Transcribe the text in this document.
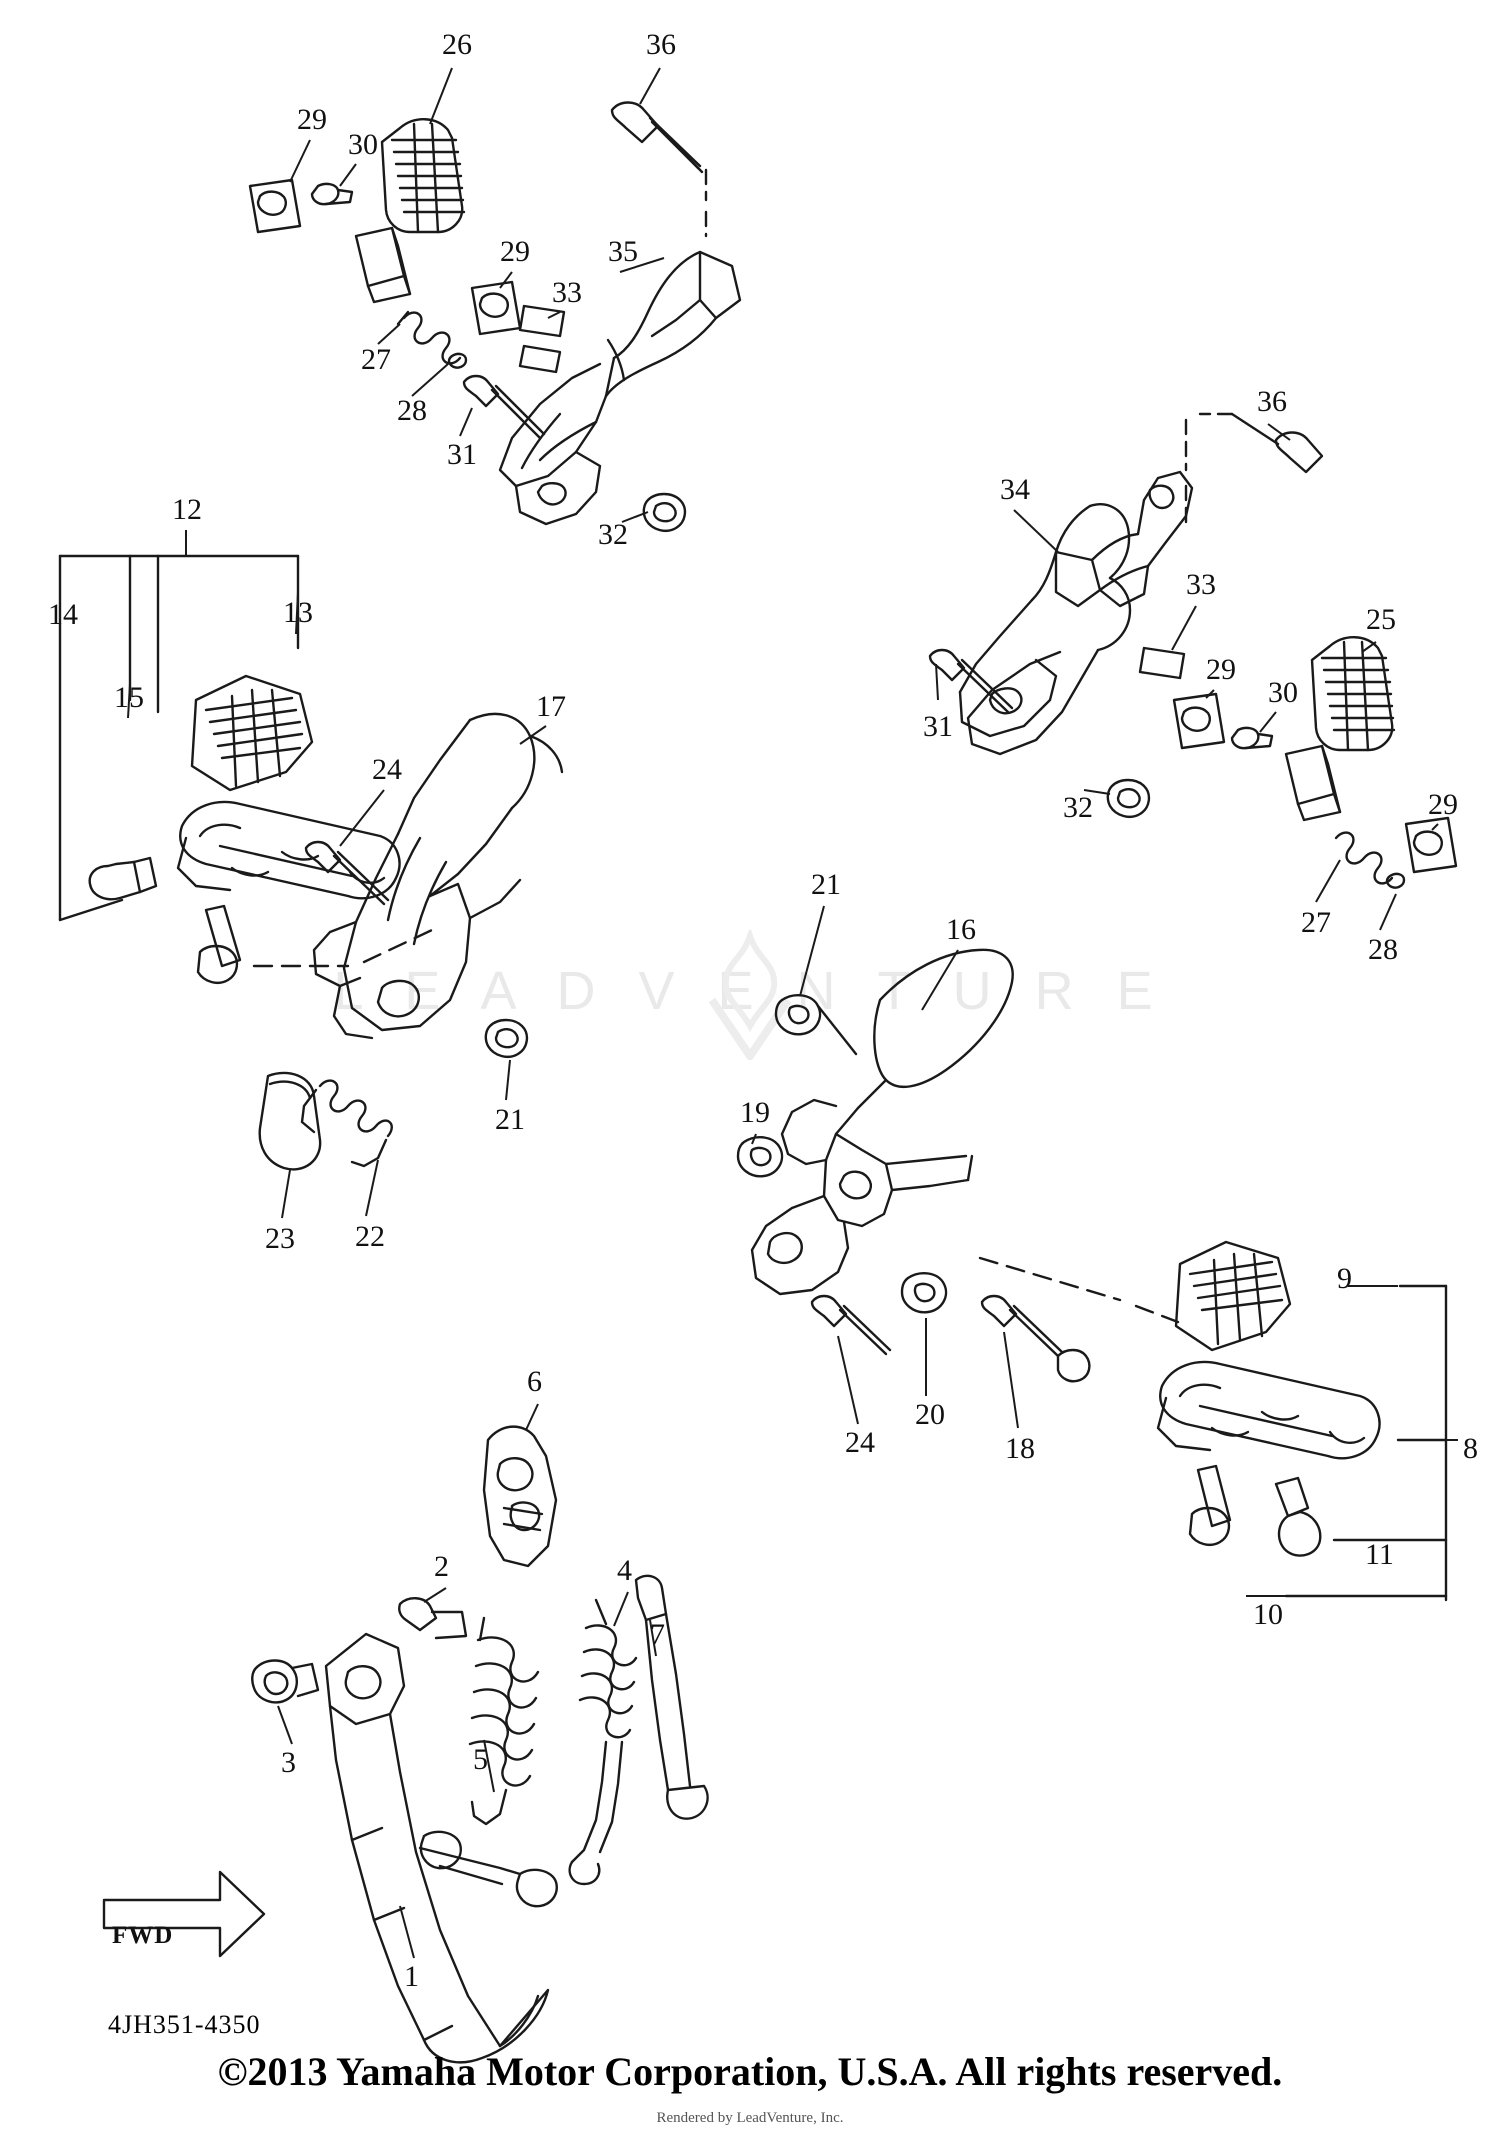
L E A D V E N T U R E
FWD
26	36
29
30
29	35
33
27
28
31
32
36
34
33
25
29
30
31
32	29
27
28
12
14	13
15	17
24
21
23 22
21
16
19
9
8
24
20
18
11
10
6
2	4
7
3	5
1
4JH351-4350
©2013 Yamaha Motor Corporation, U.S.A. All rights reserved.
Rendered by LeadVenture, Inc.
